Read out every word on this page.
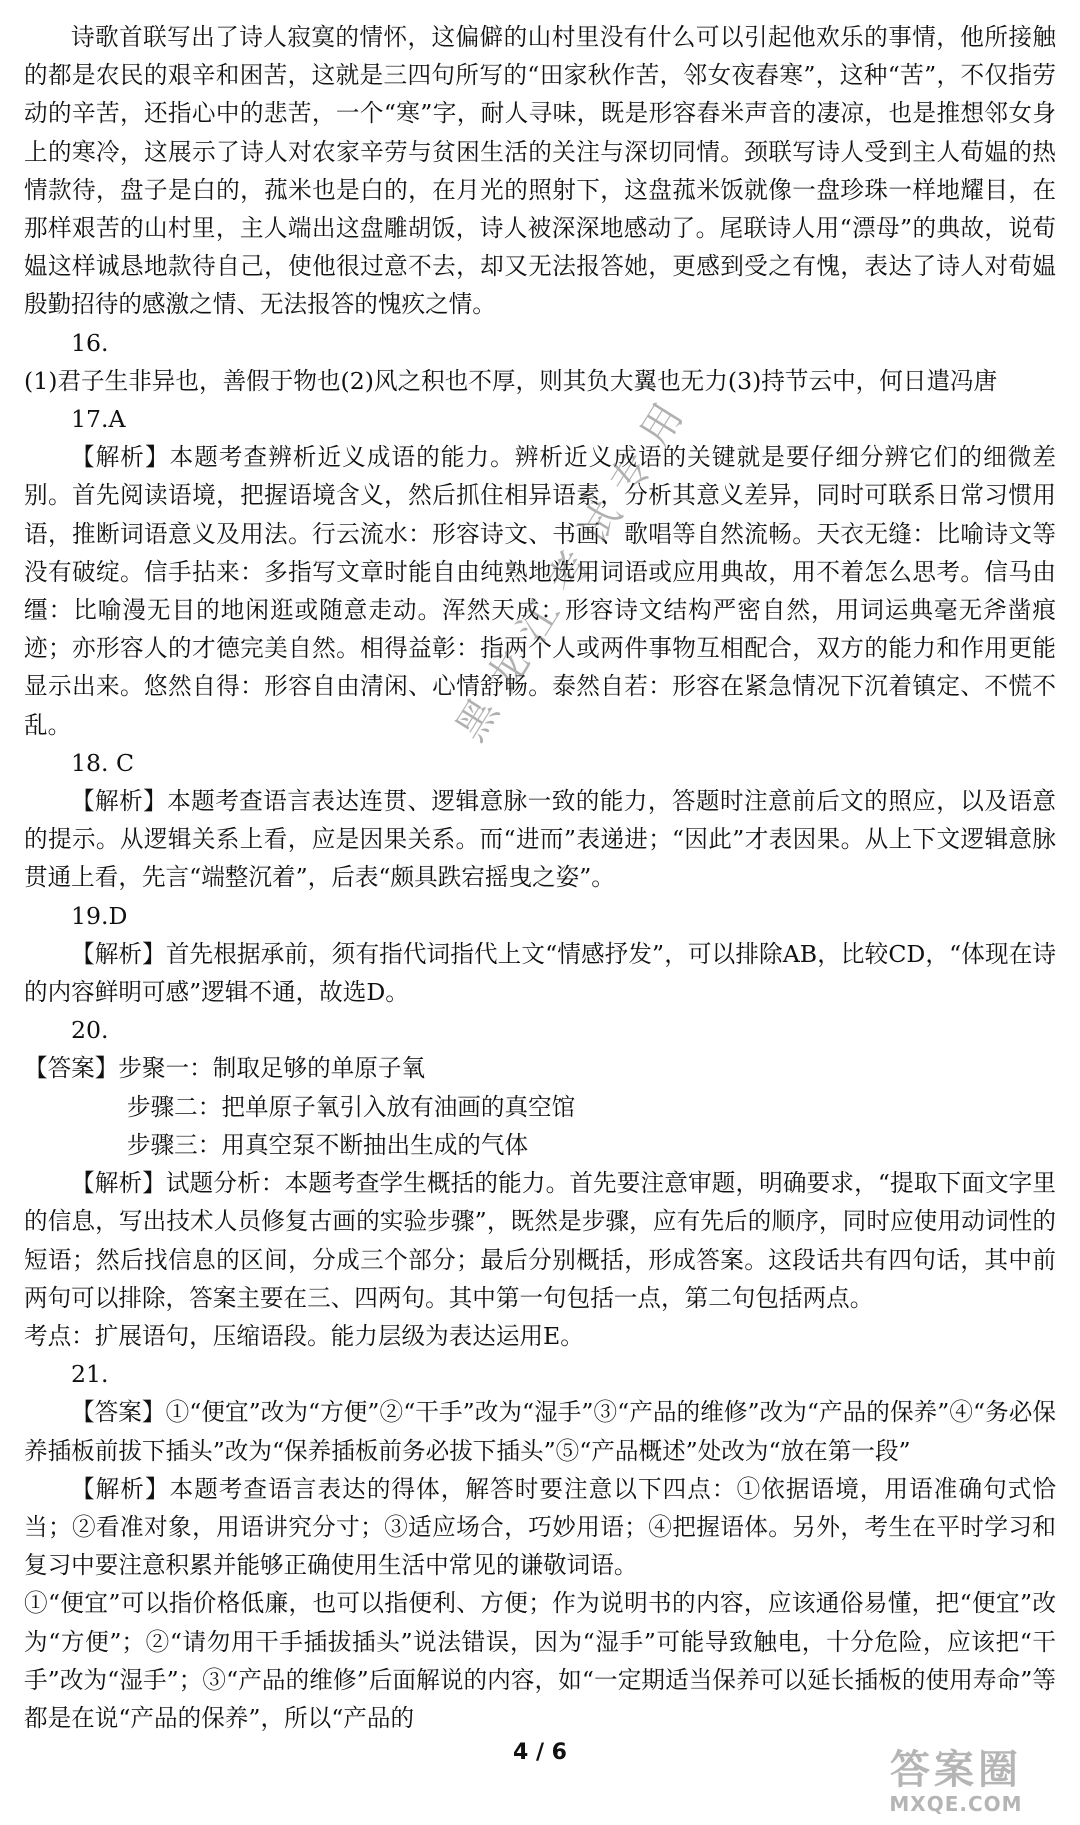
诗歌首联写出了诗人寂寞的情怀，这偏僻的山村里没有什么可以引起他欢乐的事情，他所接触的都是农民的艰辛和困苦，这就是三四句所写的“田家秋作苦，邻女夜舂寒”，这种“苦”，不仅指劳动的辛苦，还指心中的悲苦，一个“寒”字，耐人寻味，既是形容舂米声音的凄凉，也是推想邻女身上的寒冷，这展示了诗人对农家辛劳与贫困生活的关注与深切同情。颈联写诗人受到主人荀媪的热情款待，盘子是白的，菰米也是白的，在月光的照射下，这盘菰米饭就像一盘珍珠一样地耀目，在那样艰苦的山村里，主人端出这盘雕胡饭，诗人被深深地感动了。尾联诗人用“漂母”的典故，说荀媪这样诚恳地款待自己，使他很过意不去，却又无法报答她，更感到受之有愧，表达了诗人对荀媪殷勤招待的感激之情、无法报答的愧疚之情。

16.

(1)君子生非异也，善假于物也(2)风之积也不厚，则其负大翼也无力(3)持节云中，何日遣冯唐

17.A

【解析】本题考查辨析近义成语的能力。辨析近义成语的关键就是要仔细分辨它们的细微差别。首先阅读语境，把握语境含义，然后抓住相异语素，分析其意义差异，同时可联系日常习惯用语，推断词语意义及用法。行云流水：形容诗文、书画、歌唱等自然流畅。天衣无缝：比喻诗文等没有破绽。信手拈来：多指写文章时能自由纯熟地选用词语或应用典故，用不着怎么思考。信马由缰：比喻漫无目的地闲逛或随意走动。浑然天成：形容诗文结构严密自然，用词运典毫无斧凿痕迹；亦形容人的才德完美自然。相得益彰：指两个人或两件事物互相配合，双方的能力和作用更能显示出来。悠然自得：形容自由清闲、心情舒畅。泰然自若：形容在紧急情况下沉着镇定、不慌不乱。

18. C

【解析】本题考查语言表达连贯、逻辑意脉一致的能力，答题时注意前后文的照应，以及语意的提示。从逻辑关系上看，应是因果关系。而“进而”表递进；“因此”才表因果。从上下文逻辑意脉贯通上看，先言“端整沉着”，后表“颇具跌宕摇曳之姿”。

19.D

【解析】首先根据承前，须有指代词指代上文“情感抒发”，可以排除AB，比较CD，“体现在诗的内容鲜明可感”逻辑不通，故选D。

20.

【答案】步聚一：制取足够的单原子氧

步骤二：把单原子氧引入放有油画的真空馆

步骤三：用真空泵不断抽出生成的气体

【解析】试题分析：本题考查学生概括的能力。首先要注意审题，明确要求，“提取下面文字里的信息，写出技术人员修复古画的实验步骤”，既然是步骤，应有先后的顺序，同时应使用动词性的短语；然后找信息的区间，分成三个部分；最后分别概括，形成答案。这段话共有四句话，其中前两句可以排除，答案主要在三、四两句。其中第一句包括一点，第二句包括两点。

考点：扩展语句，压缩语段。能力层级为表达运用E。

21.

【答案】①“便宜”改为“方便”②“干手”改为“湿手”③“产品的维修”改为“产品的保养”④“务必保养插板前拔下插头”改为“保养插板前务必拔下插头”⑤“产品概述”处改为“放在第一段”

【解析】本题考查语言表达的得体，解答时要注意以下四点：①依据语境，用语准确句式恰当；②看准对象，用语讲究分寸；③适应场合，巧妙用语；④把握语体。另外，考生在平时学习和复习中要注意积累并能够正确使用生活中常见的谦敬词语。

①“便宜”可以指价格低廉，也可以指便利、方便；作为说明书的内容，应该通俗易懂，把“便宜”改为“方便”；②“请勿用干手插拔插头”说法错误，因为“湿手”可能导致触电，十分危险，应该把“干手”改为“湿手”；③“产品的维修”后面解说的内容，如“一定期适当保养可以延长插板的使用寿命”等都是在说“产品的保养”，所以“产品的

黑龙江考试专用
4 / 6	答案圈
MXQE.COM
